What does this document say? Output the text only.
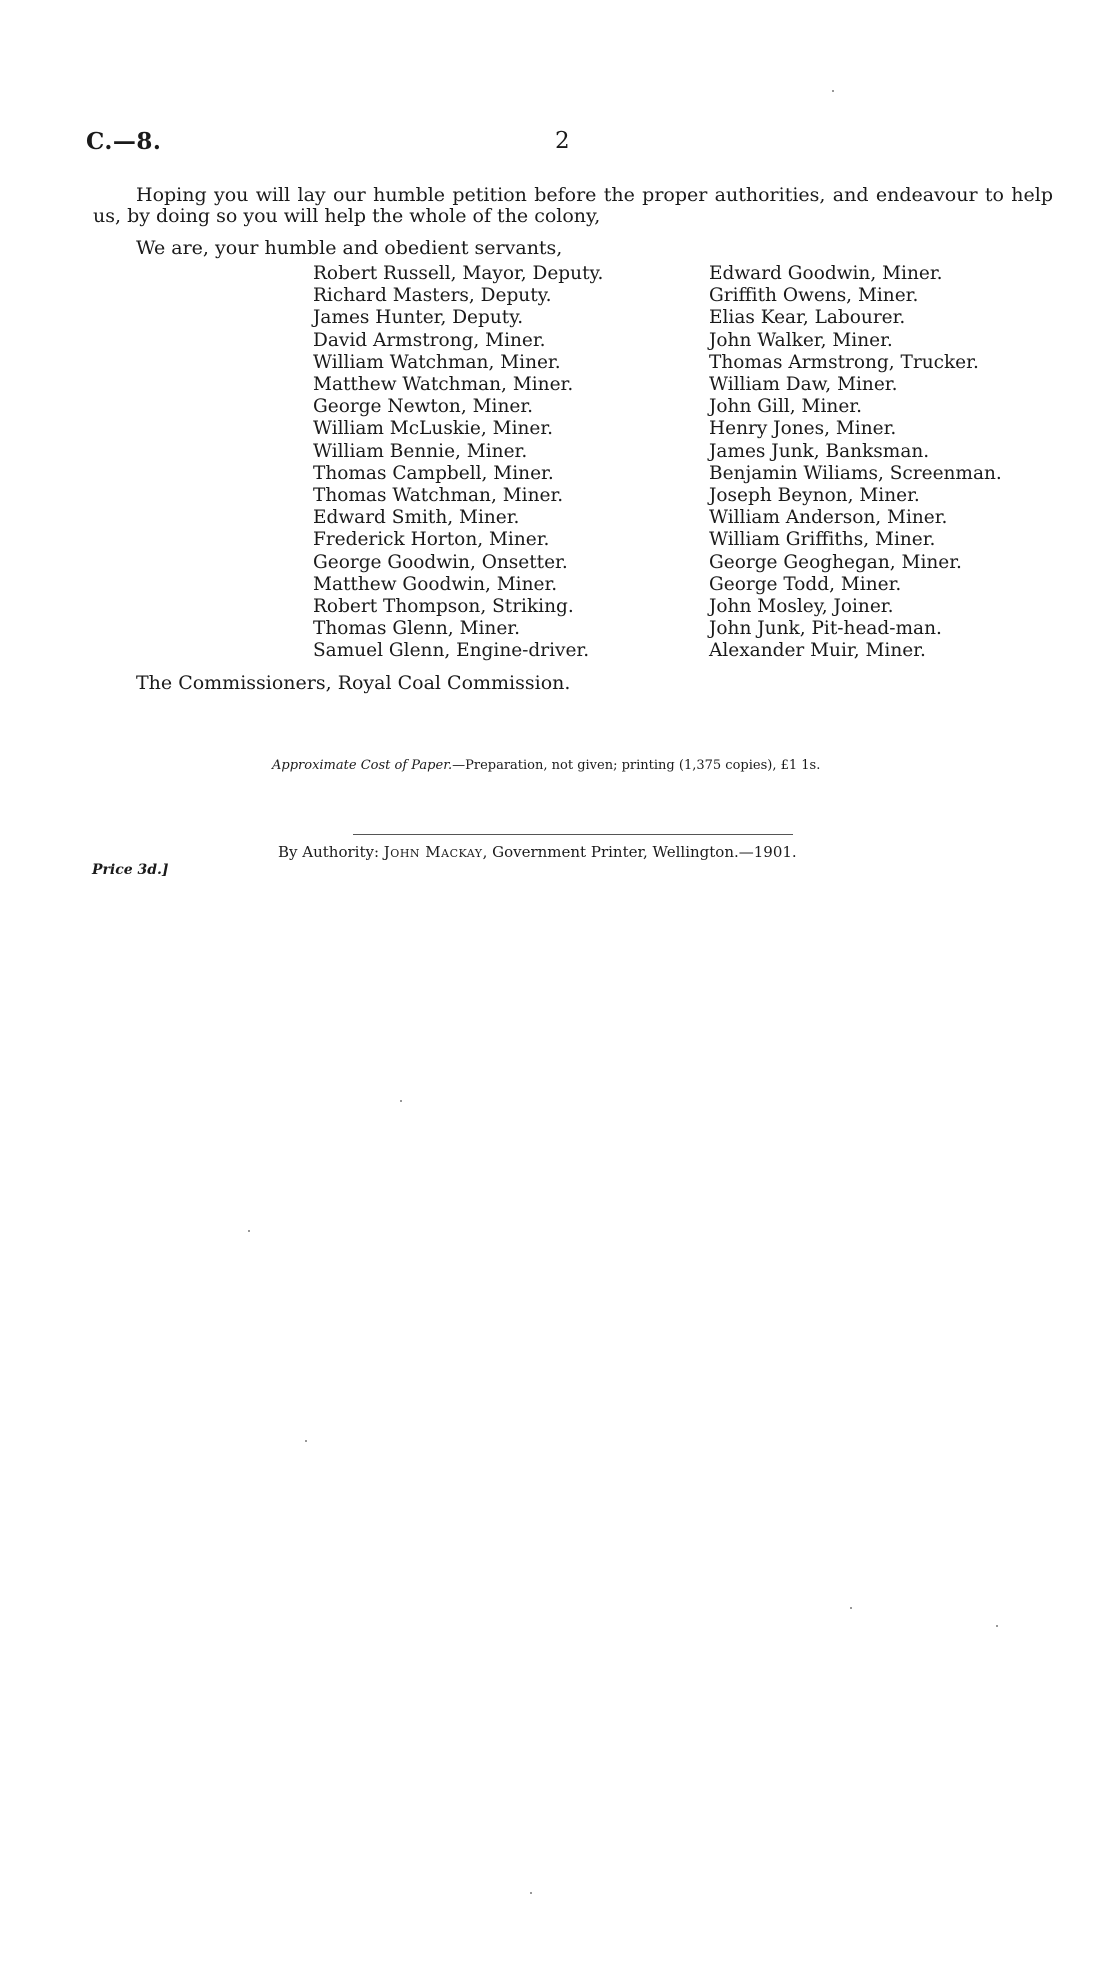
C.—8.	2

Hoping you will lay our humble petition before the proper authorities, and endeavour to help us, by doing so you will help the whole of the colony,

We are, your humble and obedient servants,
Robert Russell, Mayor, Deputy.
Richard Masters, Deputy.
James Hunter, Deputy.
David Armstrong, Miner.
William Watchman, Miner.
Matthew Watchman, Miner.
George Newton, Miner.
William McLuskie, Miner.
William Bennie, Miner.
Thomas Campbell, Miner.
Thomas Watchman, Miner.
Edward Smith, Miner.
Frederick Horton, Miner.
George Goodwin, Onsetter.
Matthew Goodwin, Miner.
Robert Thompson, Striking.
Thomas Glenn, Miner.
Samuel Glenn, Engine-driver.
Edward Goodwin, Miner.
Griffith Owens, Miner.
Elias Kear, Labourer.
John Walker, Miner.
Thomas Armstrong, Trucker.
William Daw, Miner.
John Gill, Miner.
Henry Jones, Miner.
James Junk, Banksman.
Benjamin Wiliams, Screenman.
Joseph Beynon, Miner.
William Anderson, Miner.
William Griffiths, Miner.
George Geoghegan, Miner.
George Todd, Miner.
John Mosley, Joiner.
John Junk, Pit-head-man.
Alexander Muir, Miner.
The Commissioners, Royal Coal Commission.
Approximate Cost of Paper.—Preparation, not given; printing (1,375 copies), £1 1s.
By Authority: John Mackay, Government Printer, Wellington.—1901.
Price 3d.]
